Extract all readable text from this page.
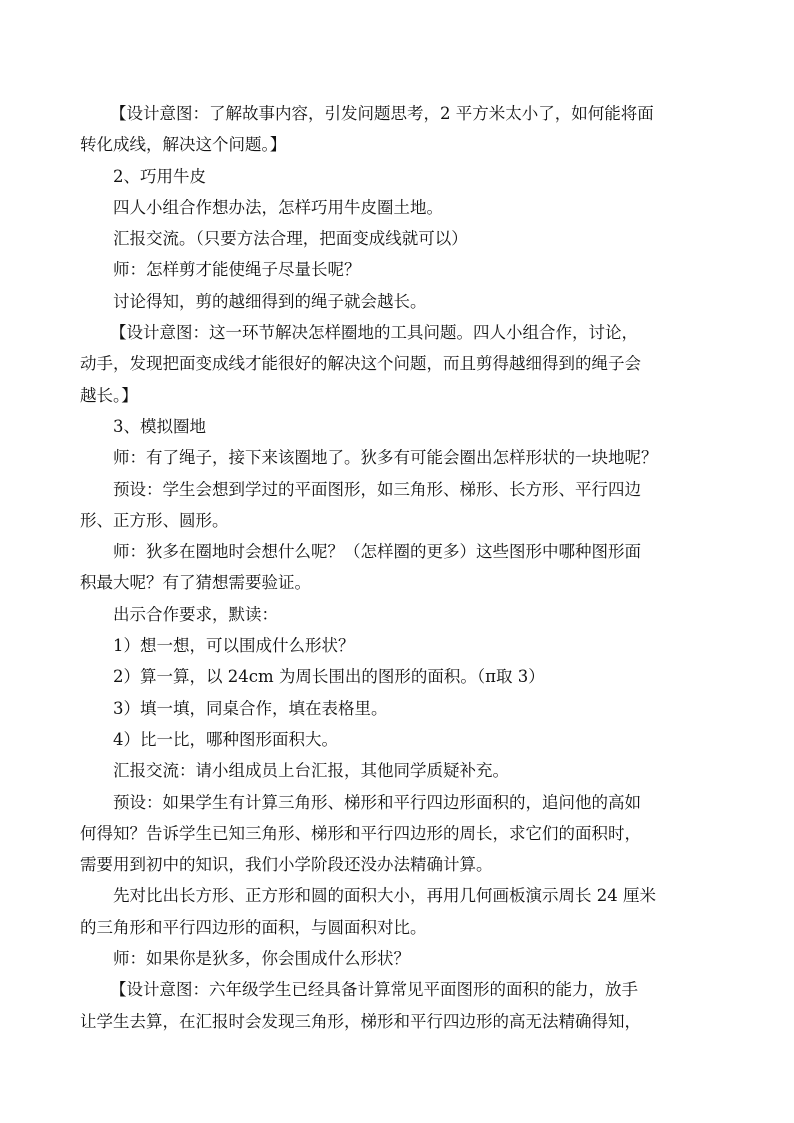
【设计意图：了解故事内容，引发问题思考，2 平方米太小了，如何能将面

转化成线，解决这个问题。】

2、巧用牛皮

四人小组合作想办法，怎样巧用牛皮圈土地。

汇报交流。（只要方法合理，把面变成线就可以）

师：怎样剪才能使绳子尽量长呢？

讨论得知，剪的越细得到的绳子就会越长。

【设计意图：这一环节解决怎样圈地的工具问题。四人小组合作，讨论，

动手，发现把面变成线才能很好的解决这个问题，而且剪得越细得到的绳子会

越长。】

3、模拟圈地

师：有了绳子，接下来该圈地了。狄多有可能会圈出怎样形状的一块地呢？

预设：学生会想到学过的平面图形，如三角形、梯形、长方形、平行四边

形、正方形、圆形。

师：狄多在圈地时会想什么呢？（怎样圈的更多）这些图形中哪种图形面

积最大呢？有了猜想需要验证。

出示合作要求，默读：

1）想一想，可以围成什么形状？

2）算一算，以 24cm 为周长围出的图形的面积。（π取 3）

3）填一填，同桌合作，填在表格里。

4）比一比，哪种图形面积大。

汇报交流：请小组成员上台汇报，其他同学质疑补充。

预设：如果学生有计算三角形、梯形和平行四边形面积的，追问他的高如

何得知？告诉学生已知三角形、梯形和平行四边形的周长，求它们的面积时，

需要用到初中的知识，我们小学阶段还没办法精确计算。

先对比出长方形、正方形和圆的面积大小，再用几何画板演示周长 24 厘米

的三角形和平行四边形的面积，与圆面积对比。

师：如果你是狄多，你会围成什么形状？

【设计意图：六年级学生已经具备计算常见平面图形的面积的能力，放手

让学生去算，在汇报时会发现三角形，梯形和平行四边形的高无法精确得知，
